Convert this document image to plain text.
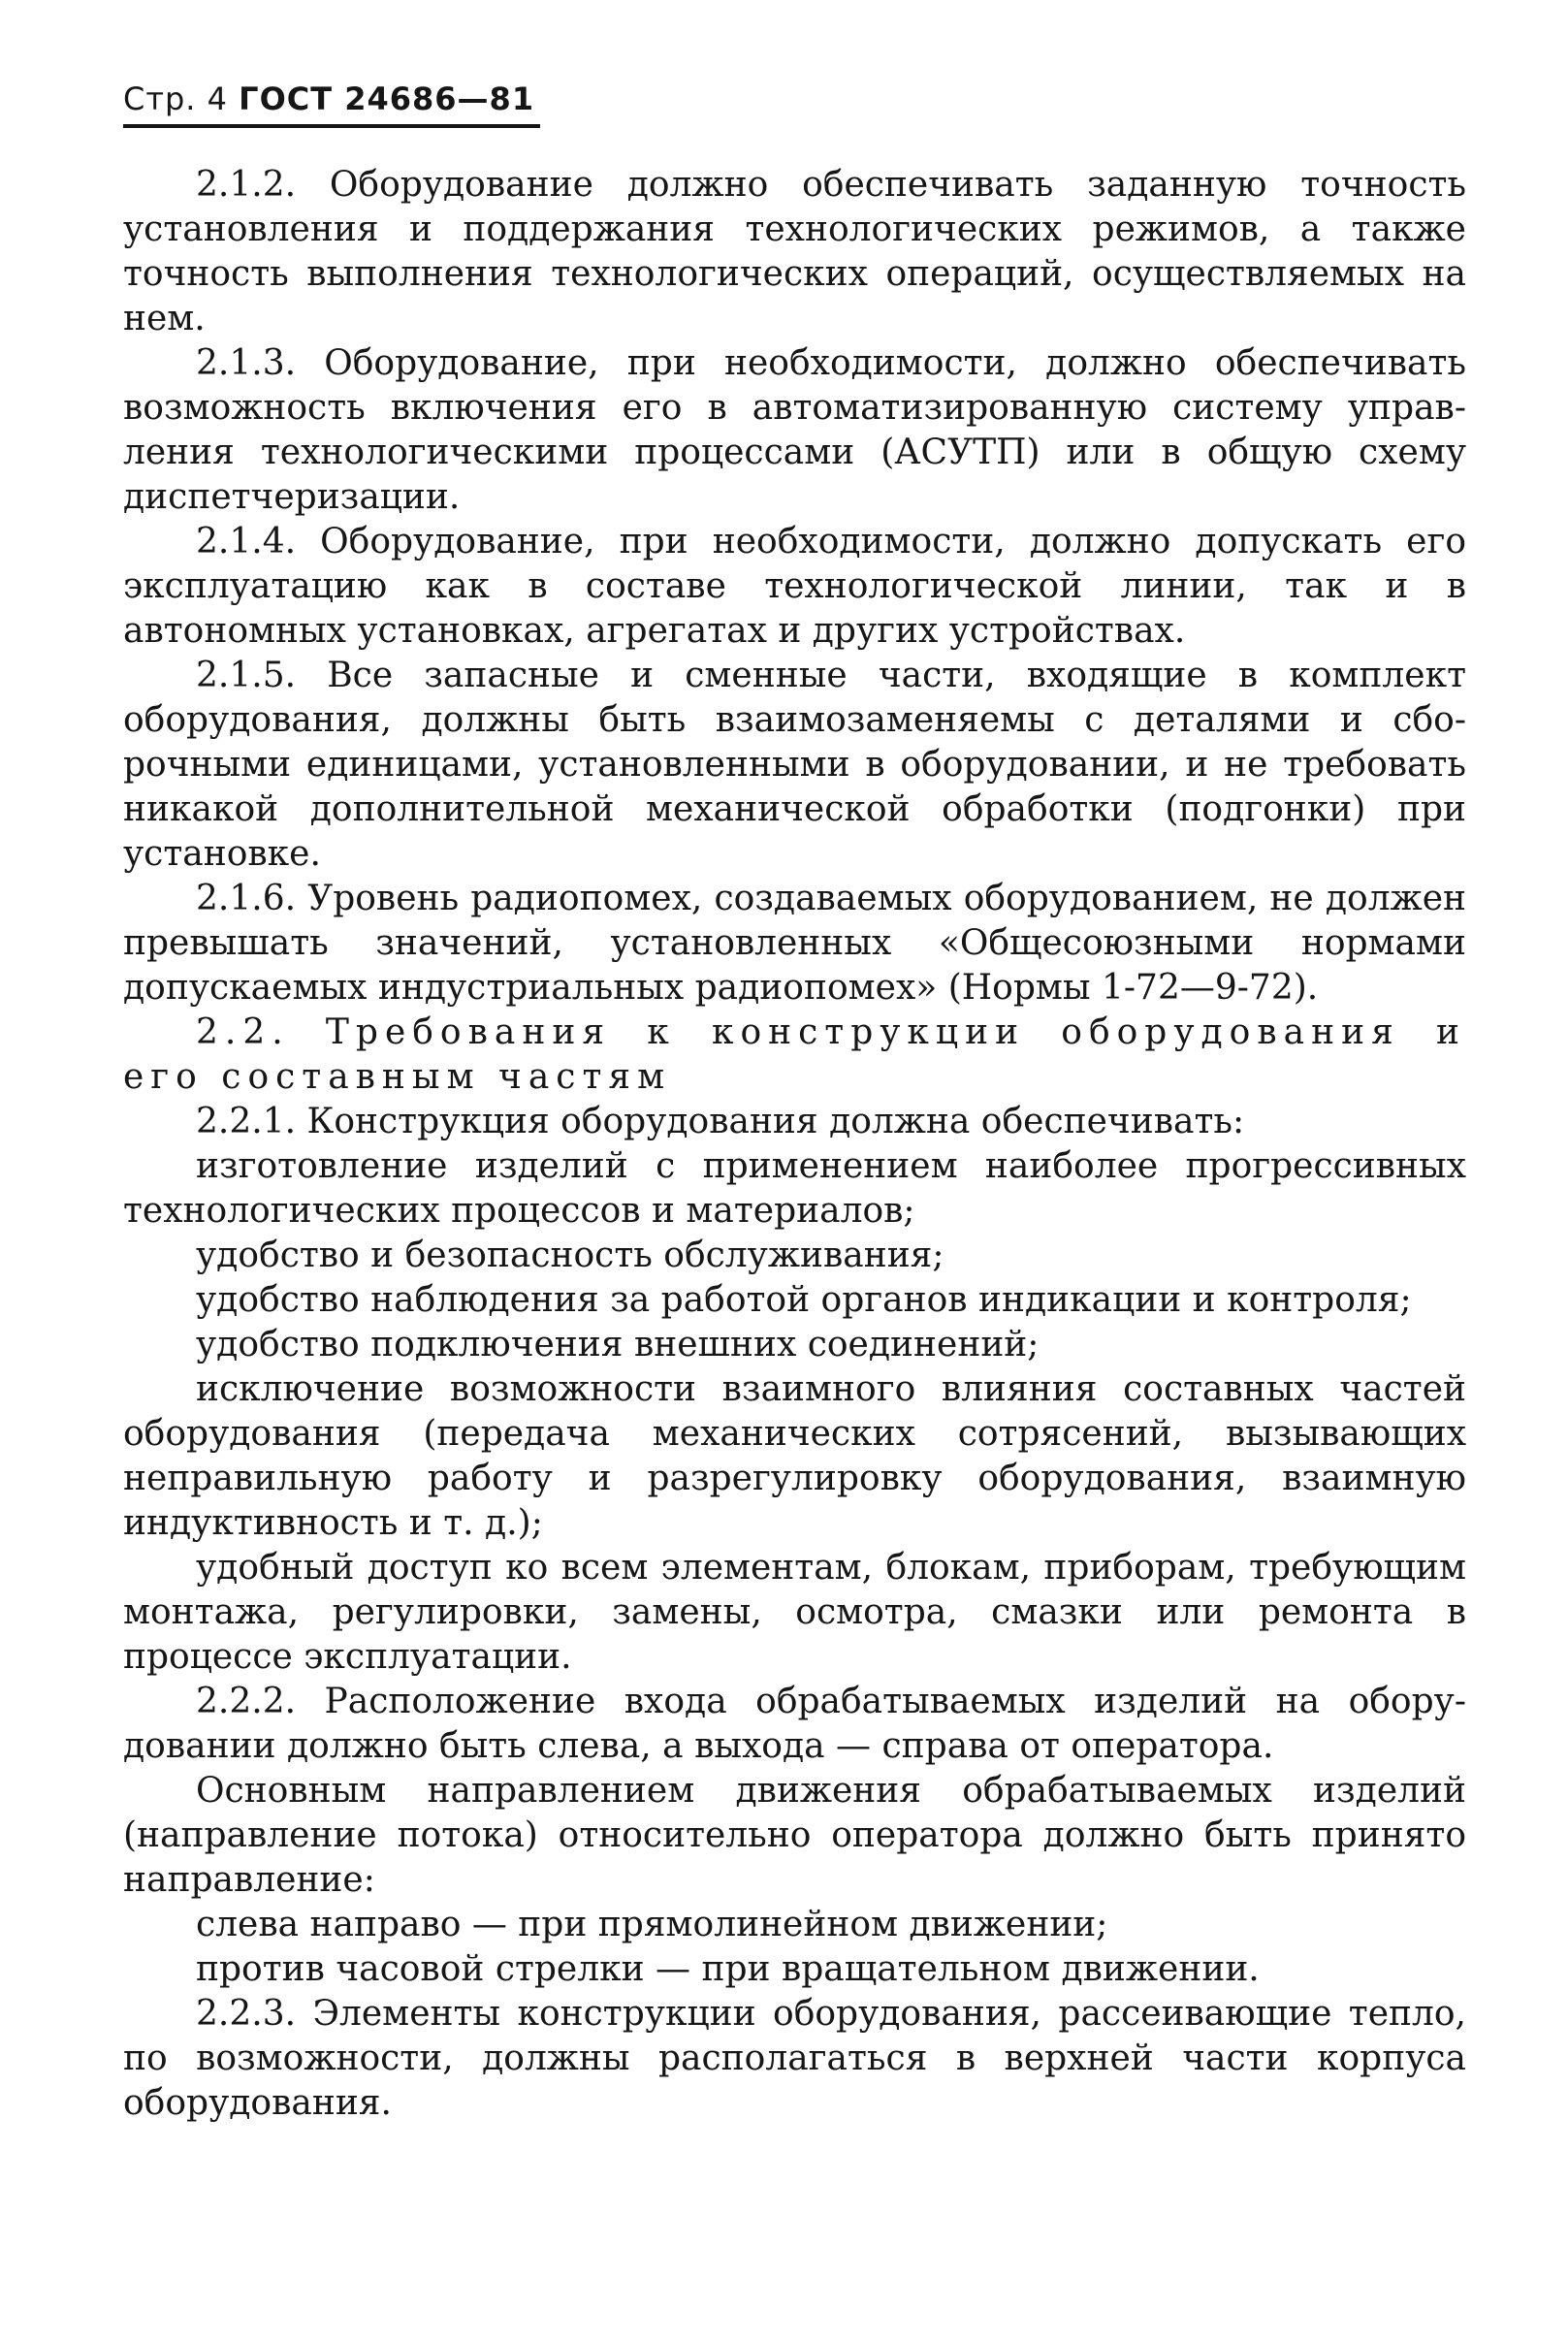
Стр. 4 ГОСТ 24686—81

2.1.2. Оборудование должно обеспечивать заданную точность установления и поддержания технологических режимов, а также точность выполнения технологических операций, осуществляемых на нем.

2.1.3. Оборудование, при необходимости, должно обеспечивать возможность включения его в автоматизированную систему управления технологическими процессами (АСУТП) или в общую схему диспетчеризации.

2.1.4. Оборудование, при необходимости, должно допускать его эксплуатацию как в составе технологической линии, так и в автономных установках, агрегатах и других устройствах.

2.1.5. Все запасные и сменные части, входящие в комплект оборудования, должны быть взаимозаменяемы с деталями и сборочными единицами, установленными в оборудовании, и не требовать никакой дополнительной механической обработки (подгонки) при установке.

2.1.6. Уровень радиопомех, создаваемых оборудованием, не должен превышать значений, установленных «Общесоюзными нормами допускаемых индустриальных радиопомех» (Нормы 1-72—9-72).

2.2. Требования к конструкции оборудования и его составным частям

2.2.1. Конструкция оборудования должна обеспечивать:

изготовление изделий с применением наиболее прогрессивных технологических процессов и материалов;

удобство и безопасность обслуживания;

удобство наблюдения за работой органов индикации и контроля;

удобство подключения внешних соединений;

исключение возможности взаимного влияния составных частей оборудования (передача механических сотрясений, вызывающих неправильную работу и разрегулировку оборудования, взаимную индуктивность и т. д.);

удобный доступ ко всем элементам, блокам, приборам, требующим монтажа, регулировки, замены, осмотра, смазки или ремонта в процессе эксплуатации.

2.2.2. Расположение входа обрабатываемых изделий на оборудовании должно быть слева, а выхода — справа от оператора.

Основным направлением движения обрабатываемых изделий (направление потока) относительно оператора должно быть принято направление:

слева направо — при прямолинейном движении;

против часовой стрелки — при вращательном движении.

2.2.3. Элементы конструкции оборудования, рассеивающие тепло, по возможности, должны располагаться в верхней части корпуса оборудования.
